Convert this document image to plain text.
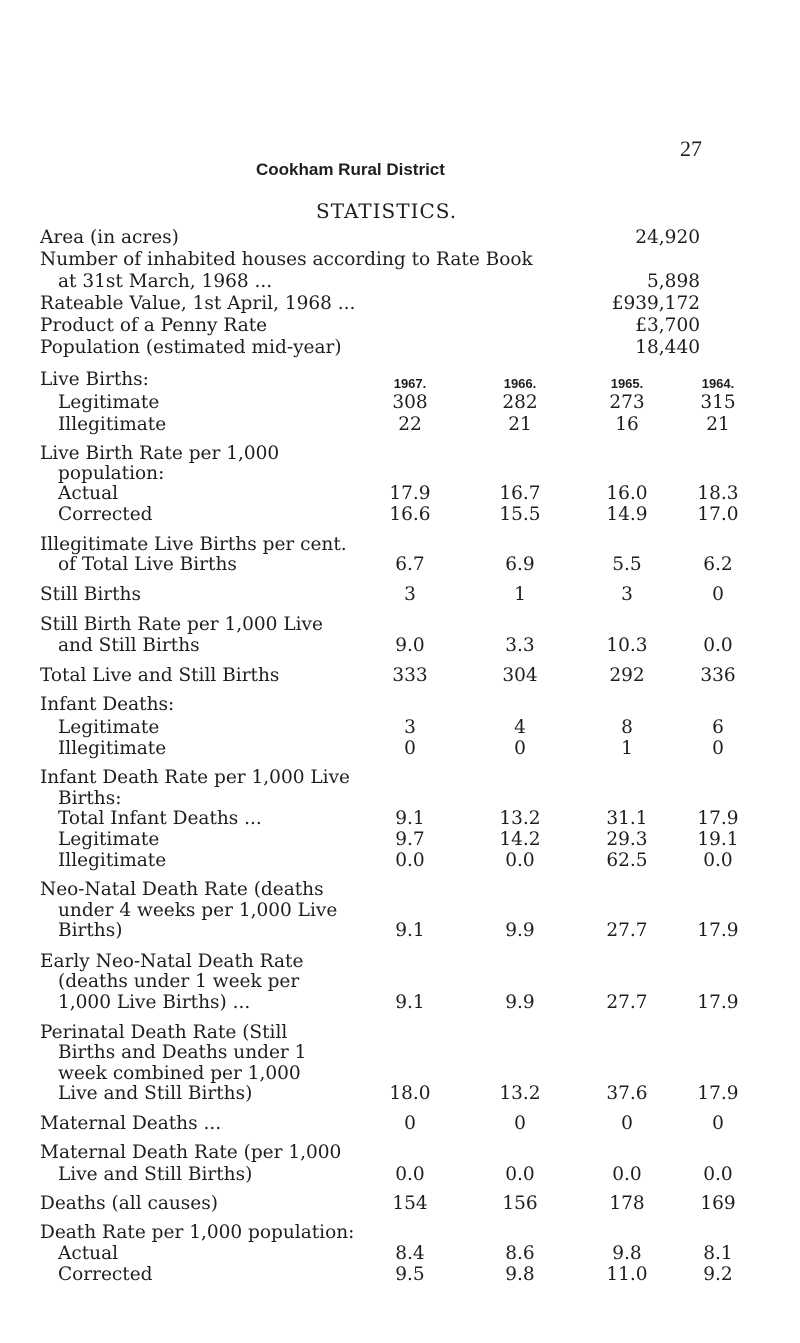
27
Cookham Rural District
STATISTICS.
Area (in acres)	24,920
Number of inhabited houses according to Rate Book
at 31st March, 1968 ...	5,898
Rateable Value, 1st April, 1968 ...	£939,172
Product of a Penny Rate	£3,700
Population (estimated mid-year)	18,440
1967.	1966.	1965.	1964.
Live Births:
Legitimate	308	282	273	315
Illegitimate	22	21	16	21
Live Birth Rate per 1,000
population:
Actual	17.9	16.7	16.0	18.3
Corrected	16.6	15.5	14.9	17.0
Illegitimate Live Births per cent.
of Total Live Births	6.7	6.9	5.5	6.2
Still Births	3	1	3	0
Still Birth Rate per 1,000 Live
and Still Births	9.0	3.3	10.3	0.0
Total Live and Still Births	333	304	292	336
Infant Deaths:
Legitimate	3	4	8	6
Illegitimate	0	0	1	0
Infant Death Rate per 1,000 Live
Births:
Total Infant Deaths ...	9.1	13.2	31.1	17.9
Legitimate	9.7	14.2	29.3	19.1
Illegitimate	0.0	0.0	62.5	0.0
Neo-Natal Death Rate (deaths
under 4 weeks per 1,000 Live
Births)	9.1	9.9	27.7	17.9
Early Neo-Natal Death Rate
(deaths under 1 week per
1,000 Live Births) ...	9.1	9.9	27.7	17.9
Perinatal Death Rate (Still
Births and Deaths under 1
week combined per 1,000
Live and Still Births)	18.0	13.2	37.6	17.9
Maternal Deaths ...	0	0	0	0
Maternal Death Rate (per 1,000
Live and Still Births)	0.0	0.0	0.0	0.0
Deaths (all causes)	154	156	178	169
Death Rate per 1,000 population:
Actual	8.4	8.6	9.8	8.1
Corrected	9.5	9.8	11.0	9.2
